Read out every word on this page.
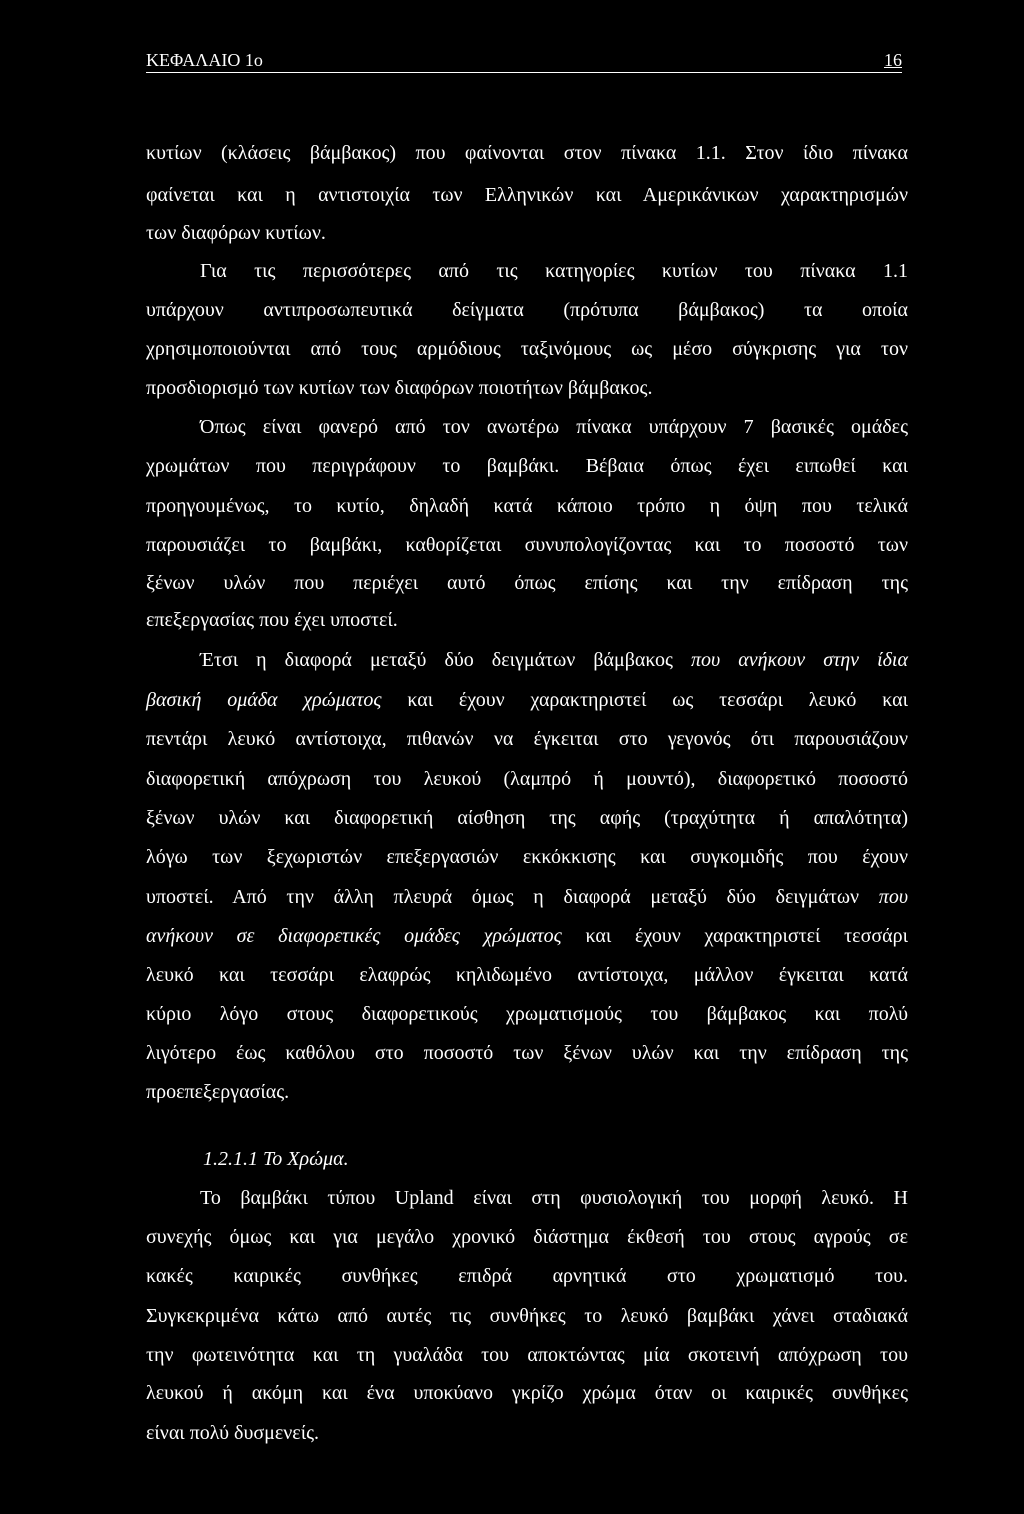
ΚΕΦΑΛΑΙΟ 1ο	16
κυτίων (κλάσεις βάμβακος) που φαίνονται στον πίνακα 1.1. Στον ίδιο πίνακα
φαίνεται και η αντιστοιχία των Ελληνικών και Αμερικάνικων χαρακτηρισμών
των διαφόρων κυτίων.
Για τις περισσότερες από τις κατηγορίες κυτίων του πίνακα 1.1
υπάρχουν αντιπροσωπευτικά δείγματα (πρότυπα βάμβακος) τα οποία
χρησιμοποιούνται από τους αρμόδιους ταξινόμους ως μέσο σύγκρισης για τον
προσδιορισμό των κυτίων των διαφόρων ποιοτήτων βάμβακος.
Όπως είναι φανερό από τον ανωτέρω πίνακα υπάρχουν 7 βασικές ομάδες
χρωμάτων που περιγράφουν το βαμβάκι. Βέβαια όπως έχει ειπωθεί και
προηγουμένως, το κυτίο, δηλαδή κατά κάποιο τρόπο η όψη που τελικά
παρουσιάζει το βαμβάκι, καθορίζεται συνυπολογίζοντας και το ποσοστό των
ξένων υλών που περιέχει αυτό όπως επίσης και την επίδραση της
επεξεργασίας που έχει υποστεί.
Έτσι η διαφορά μεταξύ δύο δειγμάτων βάμβακος που ανήκουν στην ίδια
βασική ομάδα χρώματος και έχουν χαρακτηριστεί ως τεσσάρι λευκό και
πεντάρι λευκό αντίστοιχα, πιθανών να έγκειται στο γεγονός ότι παρουσιάζουν
διαφορετική απόχρωση του λευκού (λαμπρό ή μουντό), διαφορετικό ποσοστό
ξένων υλών και διαφορετική αίσθηση της αφής (τραχύτητα ή απαλότητα)
λόγω των ξεχωριστών επεξεργασιών εκκόκκισης και συγκομιδής που έχουν
υποστεί. Από την άλλη πλευρά όμως η διαφορά μεταξύ δύο δειγμάτων που
ανήκουν σε διαφορετικές ομάδες χρώματος και έχουν χαρακτηριστεί τεσσάρι
λευκό και τεσσάρι ελαφρώς κηλιδωμένο αντίστοιχα, μάλλον έγκειται κατά
κύριο λόγο στους διαφορετικούς χρωματισμούς του βάμβακος και πολύ
λιγότερο έως καθόλου στο ποσοστό των ξένων υλών και την επίδραση της
προεπεξεργασίας.
1.2.1.1 Το Χρώμα.
Το βαμβάκι τύπου Upland είναι στη φυσιολογική του μορφή λευκό. Η
συνεχής όμως και για μεγάλο χρονικό διάστημα έκθεσή του στους αγρούς σε
κακές καιρικές συνθήκες επιδρά αρνητικά στο χρωματισμό του.
Συγκεκριμένα κάτω από αυτές τις συνθήκες το λευκό βαμβάκι χάνει σταδιακά
την φωτεινότητα και τη γυαλάδα του αποκτώντας μία σκοτεινή απόχρωση του
λευκού ή ακόμη και ένα υποκύανο γκρίζο χρώμα όταν οι καιρικές συνθήκες
είναι πολύ δυσμενείς.
